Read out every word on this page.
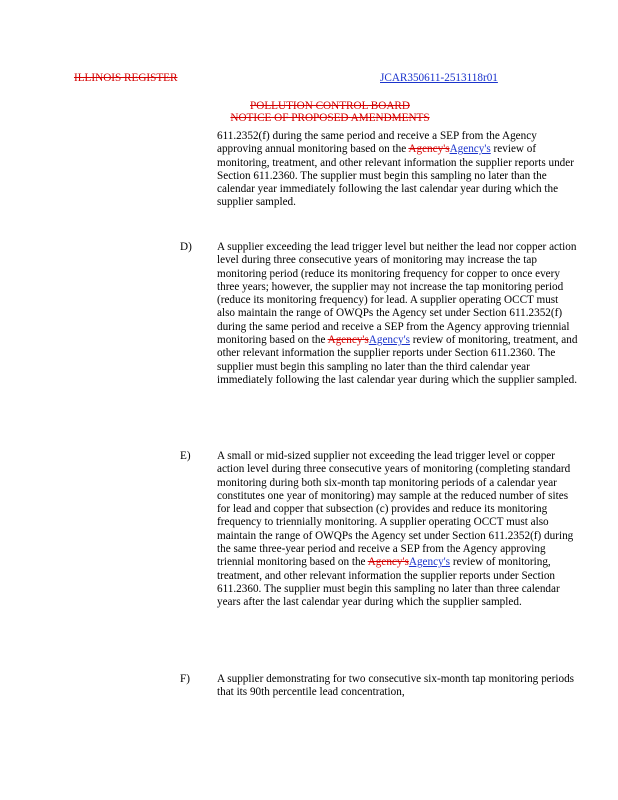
ILLINOIS REGISTER	JCAR350611-2513118r01
POLLUTION CONTROL BOARD
NOTICE OF PROPOSED AMENDMENTS
611.2352(f) during the same period and receive a SEP from the Agency approving annual monitoring based on the Agency'sAgency's review of monitoring, treatment, and other relevant information the supplier reports under Section 611.2360. The supplier must begin this sampling no later than the calendar year immediately following the last calendar year during which the supplier sampled.
D)	A supplier exceeding the lead trigger level but neither the lead nor copper action level during three consecutive years of monitoring may increase the tap monitoring period (reduce its monitoring frequency for copper to once every three years; however, the supplier may not increase the tap monitoring period (reduce its monitoring frequency) for lead. A supplier operating OCCT must also maintain the range of OWQPs the Agency set under Section 611.2352(f) during the same period and receive a SEP from the Agency approving triennial monitoring based on the Agency'sAgency's review of monitoring, treatment, and other relevant information the supplier reports under Section 611.2360. The supplier must begin this sampling no later than the third calendar year immediately following the last calendar year during which the supplier sampled.
E)	A small or mid-sized supplier not exceeding the lead trigger level or copper action level during three consecutive years of monitoring (completing standard monitoring during both six-month tap monitoring periods of a calendar year constitutes one year of monitoring) may sample at the reduced number of sites for lead and copper that subsection (c) provides and reduce its monitoring frequency to triennially monitoring. A supplier operating OCCT must also maintain the range of OWQPs the Agency set under Section 611.2352(f) during the same three-year period and receive a SEP from the Agency approving triennial monitoring based on the Agency'sAgency's review of monitoring, treatment, and other relevant information the supplier reports under Section 611.2360. The supplier must begin this sampling no later than three calendar years after the last calendar year during which the supplier sampled.
F)	A supplier demonstrating for two consecutive six-month tap monitoring periods that its 90th percentile lead concentration,
